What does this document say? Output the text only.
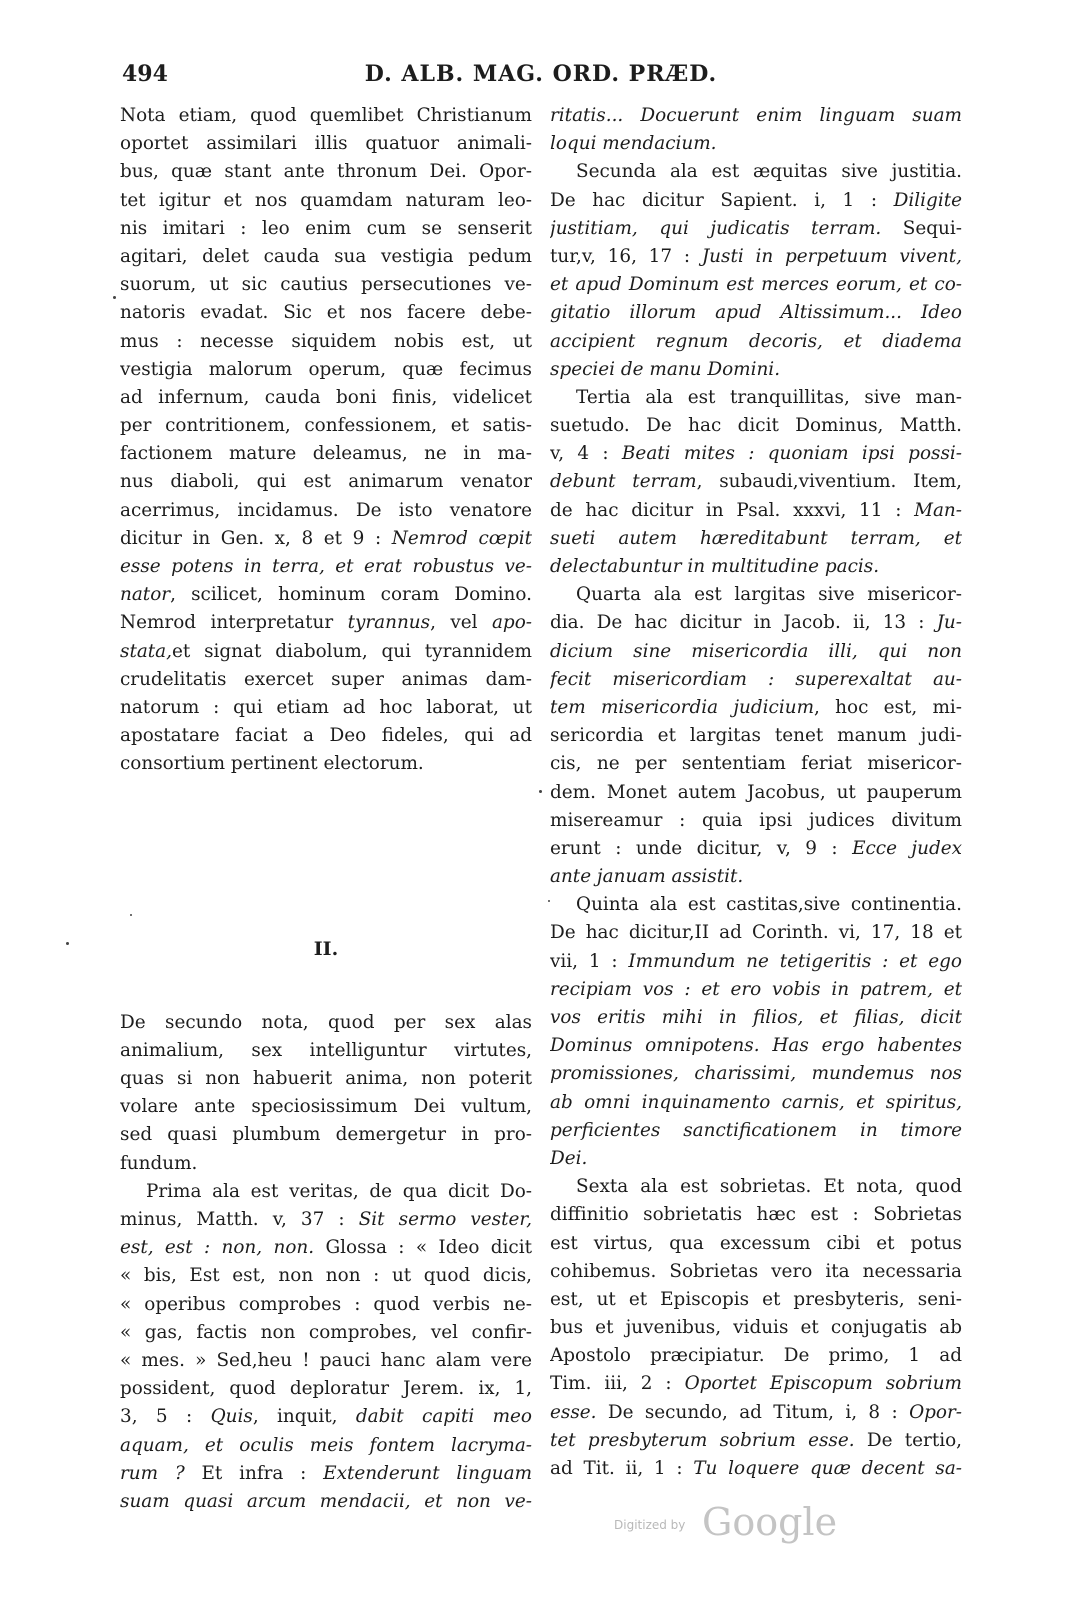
494	D. ALB. MAG. ORD. PRÆD.
Nota etiam, quod quemlibet Christianum
oportet assimilari illis quatuor animali-
bus, quæ stant ante thronum Dei. Opor-
tet igitur et nos quamdam naturam leo-
nis imitari : leo enim cum se senserit
agitari, delet cauda sua vestigia pedum
suorum, ut sic cautius persecutiones ve-
natoris evadat. Sic et nos facere debe-
mus : necesse siquidem nobis est, ut
vestigia malorum operum, quæ fecimus
ad infernum, cauda boni finis, videlicet
per contritionem, confessionem, et satis-
factionem mature deleamus, ne in ma-
nus diaboli, qui est animarum venator
acerrimus, incidamus. De isto venatore
dicitur in Gen. x, 8 et 9 : Nemrod cœpit
esse potens in terra, et erat robustus ve-
nator, scilicet, hominum coram Domino.
Nemrod interpretatur tyrannus, vel apo-
stata,et signat diabolum, qui tyrannidem
crudelitatis exercet super animas dam-
natorum : qui etiam ad hoc laborat, ut
apostatare faciat a Deo fideles, qui ad
consortium pertinent electorum.
II.
De secundo nota, quod per sex alas
animalium, sex intelliguntur virtutes,
quas si non habuerit anima, non poterit
volare ante speciosissimum Dei vultum,
sed quasi plumbum demergetur in pro-
fundum.
Prima ala est veritas, de qua dicit Do-
minus, Matth. v, 37 : Sit sermo vester,
est, est : non, non. Glossa : « Ideo dicit
« bis, Est est, non non : ut quod dicis,
« operibus comprobes : quod verbis ne-
« gas, factis non comprobes, vel confir-
« mes. » Sed,heu ! pauci hanc alam vere
possident, quod deploratur Jerem. ix, 1,
3, 5 : Quis, inquit, dabit capiti meo
aquam, et oculis meis fontem lacryma-
rum ? Et infra : Extenderunt linguam
suam quasi arcum mendacii, et non ve-
ritatis... Docuerunt enim linguam suam
loqui mendacium.
Secunda ala est æquitas sive justitia.
De hac dicitur Sapient. i, 1 : Diligite
justitiam, qui judicatis terram. Sequi-
tur,v, 16, 17 : Justi in perpetuum vivent,
et apud Dominum est merces eorum, et co-
gitatio illorum apud Altissimum... Ideo
accipient regnum decoris, et diadema
speciei de manu Domini.
Tertia ala est tranquillitas, sive man-
suetudo. De hac dicit Dominus, Matth.
v, 4 : Beati mites : quoniam ipsi possi-
debunt terram, subaudi,viventium. Item,
de hac dicitur in Psal. xxxvi, 11 : Man-
sueti autem hæreditabunt terram, et
delectabuntur in multitudine pacis.
Quarta ala est largitas sive misericor-
dia. De hac dicitur in Jacob. ii, 13 : Ju-
dicium sine misericordia illi, qui non
fecit misericordiam : superexaltat au-
tem misericordia judicium, hoc est, mi-
sericordia et largitas tenet manum judi-
cis, ne per sententiam feriat misericor-
dem. Monet autem Jacobus, ut pauperum
misereamur : quia ipsi judices divitum
erunt : unde dicitur, v, 9 : Ecce judex
ante januam assistit.
Quinta ala est castitas,sive continentia.
De hac dicitur,II ad Corinth. vi, 17, 18 et
vii, 1 : Immundum ne tetigeritis : et ego
recipiam vos : et ero vobis in patrem, et
vos eritis mihi in filios, et filias, dicit
Dominus omnipotens. Has ergo habentes
promissiones, charissimi, mundemus nos
ab omni inquinamento carnis, et spiritus,
perficientes sanctificationem in timore
Dei.
Sexta ala est sobrietas. Et nota, quod
diffinitio sobrietatis hæc est : Sobrietas
est virtus, qua excessum cibi et potus
cohibemus. Sobrietas vero ita necessaria
est, ut et Episcopis et presbyteris, seni-
bus et juvenibus, viduis et conjugatis ab
Apostolo præcipiatur. De primo, 1 ad
Tim. iii, 2 : Oportet Episcopum sobrium
esse. De secundo, ad Titum, i, 8 : Opor-
tet presbyterum sobrium esse. De tertio,
ad Tit. ii, 1 : Tu loquere quæ decent sa-
Digitized by Google
